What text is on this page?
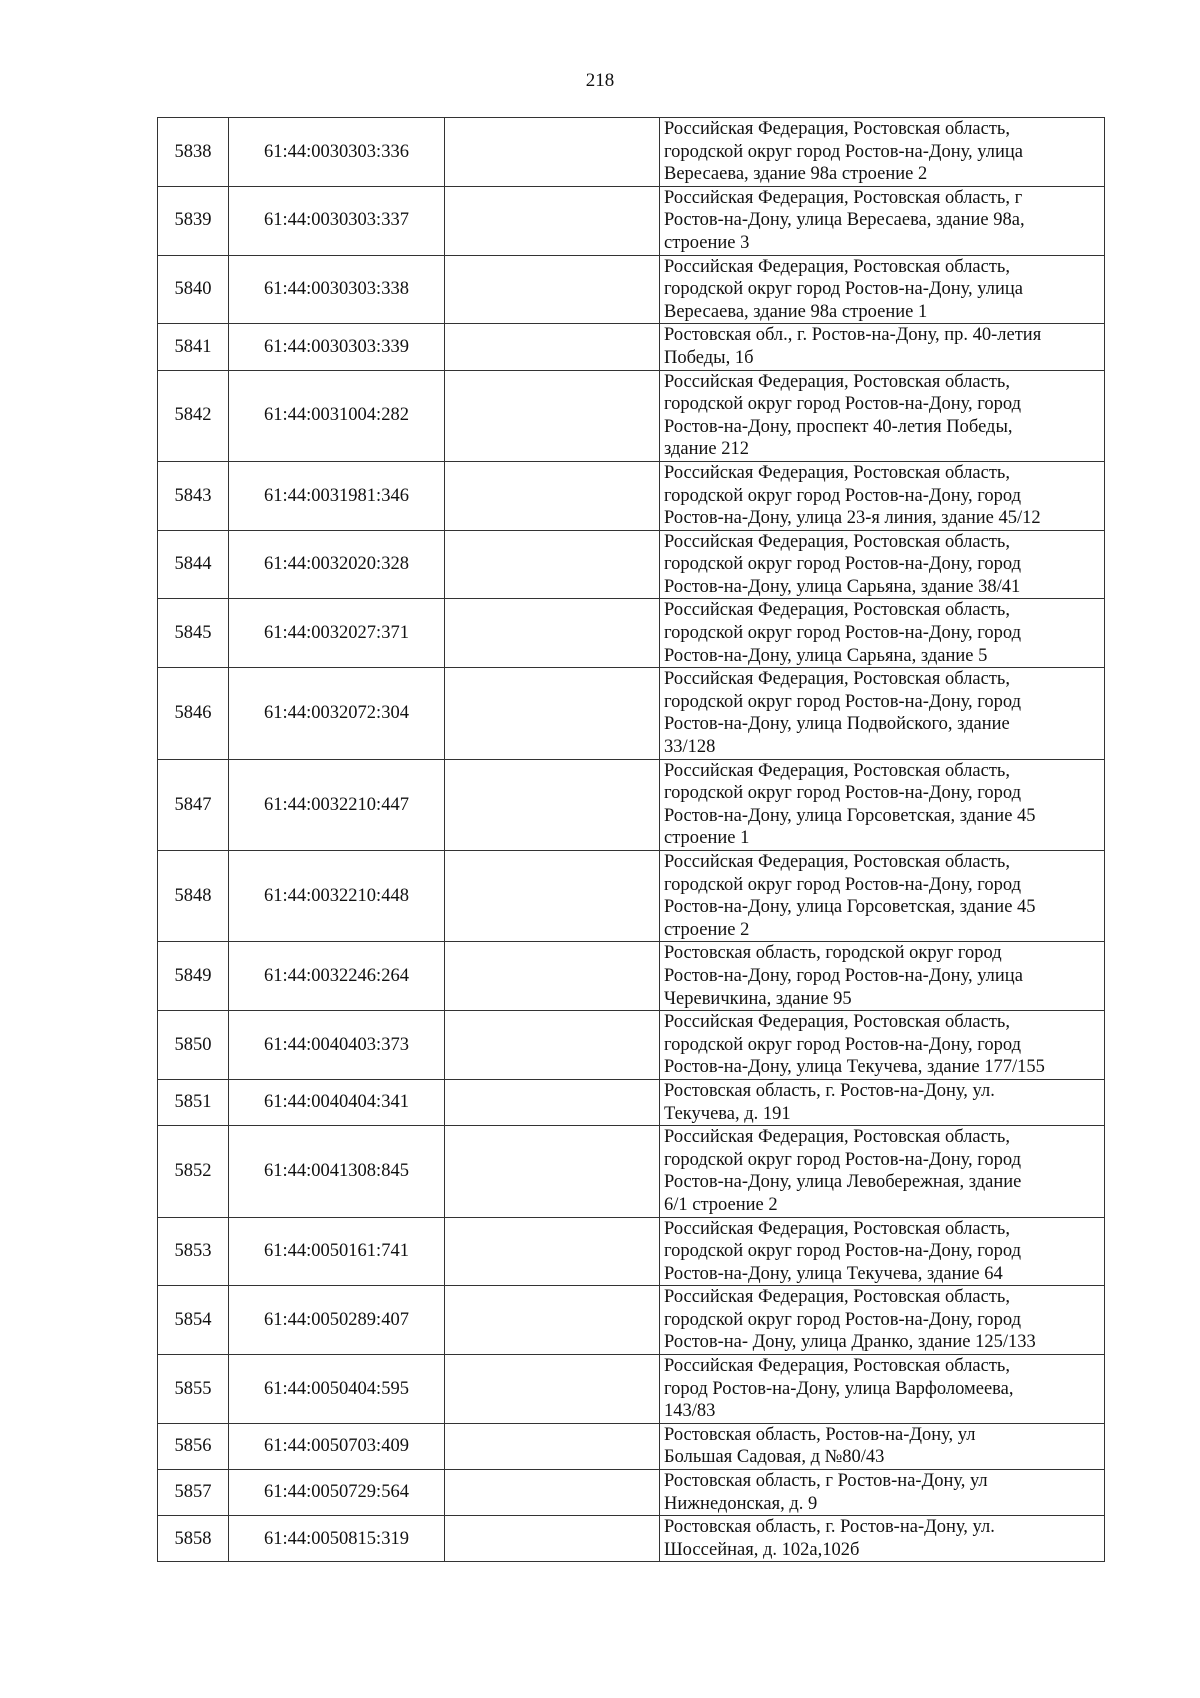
218
5838	61:44:0030303:336		Российская Федерация, Ростовская область,
городской округ город Ростов-на-Дону, улица
Вересаева, здание 98а строение 2

5839	61:44:0030303:337		Российская Федерация, Ростовская область, г
Ростов-на-Дону, улица Вересаева, здание 98а,
строение 3

5840	61:44:0030303:338		Российская Федерация, Ростовская область,
городской округ город Ростов-на-Дону, улица
Вересаева, здание 98а строение 1

5841	61:44:0030303:339		Ростовская обл., г. Ростов-на-Дону, пр. 40-летия
Победы, 1б

5842	61:44:0031004:282		Российская Федерация, Ростовская область,
городской округ город Ростов-на-Дону, город
Ростов-на-Дону, проспект 40-летия Победы,
здание 212

5843	61:44:0031981:346		Российская Федерация, Ростовская область,
городской округ город Ростов-на-Дону, город
Ростов-на-Дону, улица 23-я линия, здание 45/12

5844	61:44:0032020:328		Российская Федерация, Ростовская область,
городской округ город Ростов-на-Дону, город
Ростов-на-Дону, улица Сарьяна, здание 38/41

5845	61:44:0032027:371		Российская Федерация, Ростовская область,
городской округ город Ростов-на-Дону, город
Ростов-на-Дону, улица Сарьяна, здание 5

5846	61:44:0032072:304		Российская Федерация, Ростовская область,
городской округ город Ростов-на-Дону, город
Ростов-на-Дону, улица Подвойского, здание
33/128

5847	61:44:0032210:447		Российская Федерация, Ростовская область,
городской округ город Ростов-на-Дону, город
Ростов-на-Дону, улица Горсоветская, здание 45
строение 1

5848	61:44:0032210:448		Российская Федерация, Ростовская область,
городской округ город Ростов-на-Дону, город
Ростов-на-Дону, улица Горсоветская, здание 45
строение 2

5849	61:44:0032246:264		Ростовская область, городской округ город
Ростов-на-Дону, город Ростов-на-Дону, улица
Черевичкина, здание 95

5850	61:44:0040403:373		Российская Федерация, Ростовская область,
городской округ город Ростов-на-Дону, город
Ростов-на-Дону, улица Текучева, здание 177/155

5851	61:44:0040404:341		Ростовская область, г. Ростов-на-Дону, ул.
Текучева, д. 191

5852	61:44:0041308:845		Российская Федерация, Ростовская область,
городской округ город Ростов-на-Дону, город
Ростов-на-Дону, улица Левобережная, здание
6/1 строение 2

5853	61:44:0050161:741		Российская Федерация, Ростовская область,
городской округ город Ростов-на-Дону, город
Ростов-на-Дону, улица Текучева, здание 64

5854	61:44:0050289:407		Российская Федерация, Ростовская область,
городской округ город Ростов-на-Дону, город
Ростов-на- Дону, улица Дранко, здание 125/133

5855	61:44:0050404:595		Российская Федерация, Ростовская область,
город Ростов-на-Дону, улица Варфоломеева,
143/83

5856	61:44:0050703:409		Ростовская область, Ростов-на-Дону, ул
Большая Садовая, д №80/43

5857	61:44:0050729:564		Ростовская область, г Ростов-на-Дону, ул
Нижнедонская, д. 9

5858	61:44:0050815:319		Ростовская область, г. Ростов-на-Дону, ул.
Шоссейная, д. 102а,102б
